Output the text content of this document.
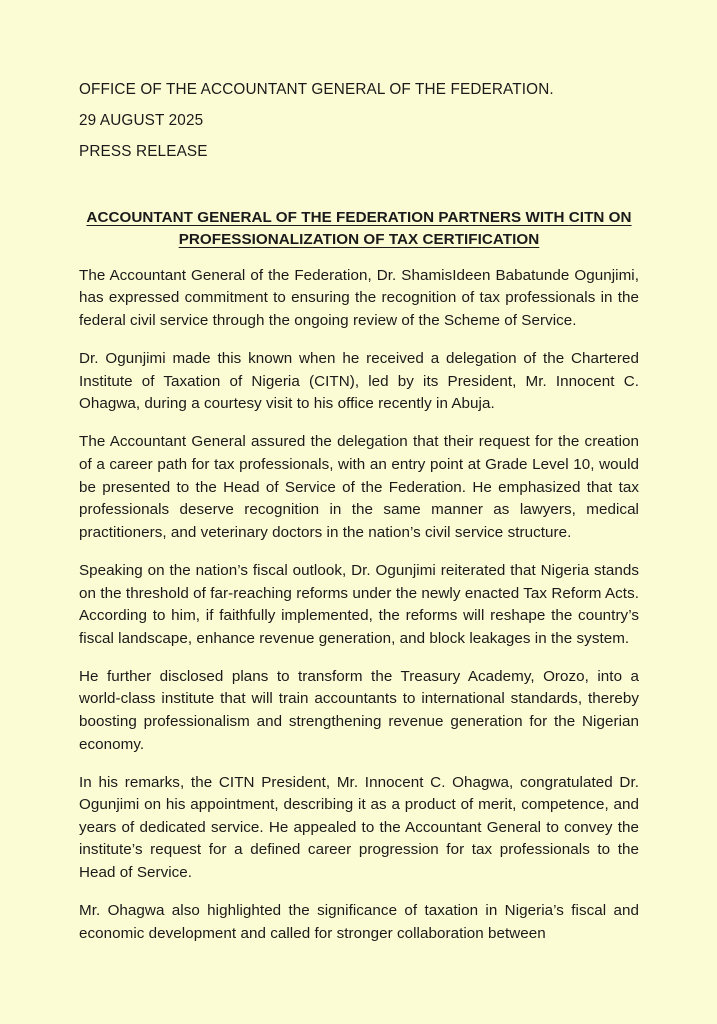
OFFICE OF THE ACCOUNTANT GENERAL OF THE FEDERATION.
29 AUGUST 2025
PRESS RELEASE
ACCOUNTANT GENERAL OF THE FEDERATION PARTNERS WITH CITN ON PROFESSIONALIZATION OF TAX CERTIFICATION

The Accountant General of the Federation, Dr. ShamisIdeen Babatunde Ogunjimi, has expressed commitment to ensuring the recognition of tax professionals in the federal civil service through the ongoing review of the Scheme of Service.

Dr. Ogunjimi made this known when he received a delegation of the Chartered Institute of Taxation of Nigeria (CITN), led by its President, Mr. Innocent C. Ohagwa, during a courtesy visit to his office recently in Abuja.

The Accountant General assured the delegation that their request for the creation of a career path for tax professionals, with an entry point at Grade Level 10, would be presented to the Head of Service of the Federation. He emphasized that tax professionals deserve recognition in the same manner as lawyers, medical practitioners, and veterinary doctors in the nation’s civil service structure.

Speaking on the nation’s fiscal outlook, Dr. Ogunjimi reiterated that Nigeria stands on the threshold of far-reaching reforms under the newly enacted Tax Reform Acts. According to him, if faithfully implemented, the reforms will reshape the country’s fiscal landscape, enhance revenue generation, and block leakages in the system.

He further disclosed plans to transform the Treasury Academy, Orozo, into a world-class institute that will train accountants to international standards, thereby boosting professionalism and strengthening revenue generation for the Nigerian economy.

In his remarks, the CITN President, Mr. Innocent C. Ohagwa, congratulated Dr. Ogunjimi on his appointment, describing it as a product of merit, competence, and years of dedicated service. He appealed to the Accountant General to convey the institute’s request for a defined career progression for tax professionals to the Head of Service.

Mr. Ohagwa also highlighted the significance of taxation in Nigeria’s fiscal and economic development and called for stronger collaboration between
